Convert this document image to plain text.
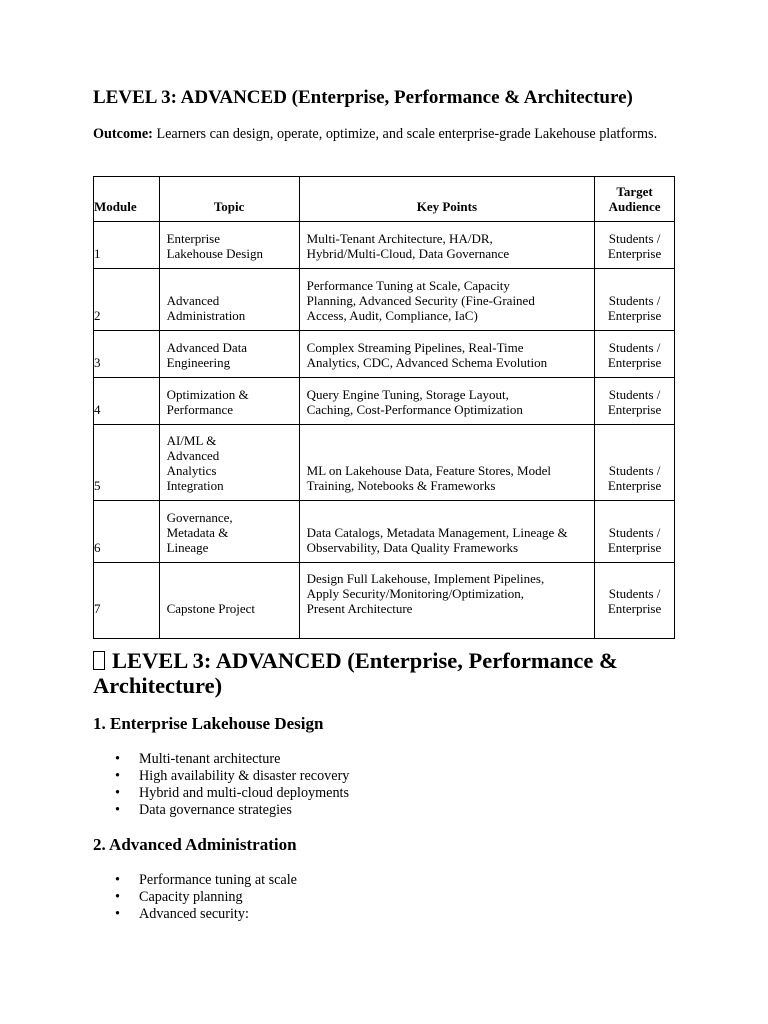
LEVEL 3: ADVANCED (Enterprise, Performance & Architecture)

Outcome: Learners can design, operate, optimize, and scale enterprise-grade Lakehouse platforms.

Module	Topic	Key Points	Target Audience
1	Enterprise Lakehouse Design	Multi-Tenant Architecture, HA/DR, Hybrid/Multi-Cloud, Data Governance	Students / Enterprise
2	Advanced Administration	Performance Tuning at Scale, Capacity Planning, Advanced Security (Fine-Grained Access, Audit, Compliance, IaC)	Students / Enterprise
3	Advanced Data Engineering	Complex Streaming Pipelines, Real-Time Analytics, CDC, Advanced Schema Evolution	Students / Enterprise
4	Optimization & Performance	Query Engine Tuning, Storage Layout, Caching, Cost-Performance Optimization	Students / Enterprise
5	AI/ML & Advanced Analytics Integration	ML on Lakehouse Data, Feature Stores, Model Training, Notebooks & Frameworks	Students / Enterprise
6	Governance, Metadata & Lineage	Data Catalogs, Metadata Management, Lineage & Observability, Data Quality Frameworks	Students / Enterprise
7	Capstone Project	Design Full Lakehouse, Implement Pipelines, Apply Security/Monitoring/Optimization, Present Architecture	Students / Enterprise
LEVEL 3: ADVANCED (Enterprise, Performance & Architecture)
1. Enterprise Lakehouse Design
• Multi-tenant architecture
• High availability & disaster recovery
• Hybrid and multi-cloud deployments
• Data governance strategies
2. Advanced Administration
• Performance tuning at scale
• Capacity planning
• Advanced security:
